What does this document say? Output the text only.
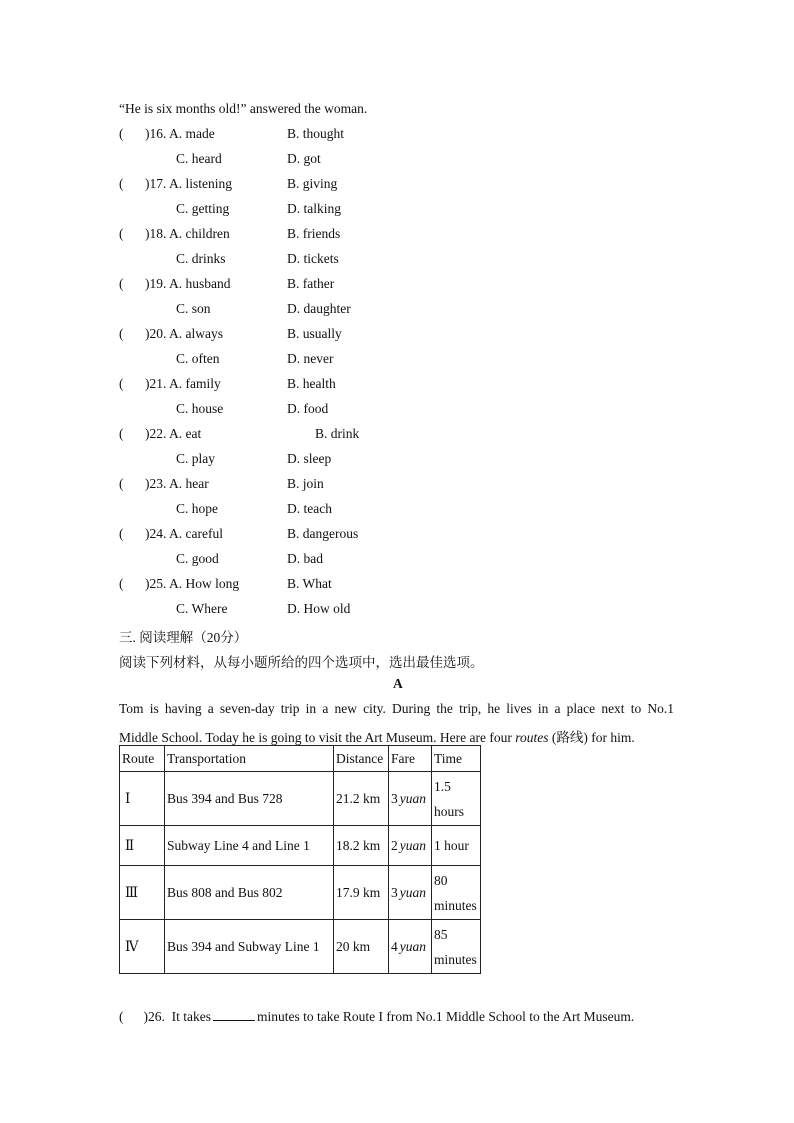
“He is six months old!” answered the woman.
( )16. A. made	B. thought
C. heard	D. got
( )17. A. listening	B. giving
C. getting	D. talking
( )18. A. children	B. friends
C. drinks	D. tickets
( )19. A. husband	B. father
C. son	D. daughter
( )20. A. always	B. usually
C. often	D. never
( )21. A. family	B. health
C. house	D. food
( )22. A. eat	B. drink
C. play	D. sleep
( )23. A. hear	B. join
C. hope	D. teach
( )24. A. careful	B. dangerous
C. good	D. bad
( )25. A. How long	B. What
C. Where	D. How old
三. 阅读理解（20分）
阅读下列材料，从每小题所给的四个选项中，选出最佳选项。
A
Tom is having a seven-day trip in a new city. During the trip, he lives in a place next to No.1
Middle School. Today he is going to visit the Art Museum. Here are four routes (路线) for him.
Route	Transportation	Distance	Fare	Time
Ⅰ	Bus 394 and Bus 728	21.2 km	3 yuan	1.5 hours
Ⅱ	Subway Line 4 and Line 1	18.2 km	2 yuan	1 hour
Ⅲ	Bus 808 and Bus 802	17.9 km	3 yuan	80 minutes
Ⅳ	Bus 394 and Subway Line 1	20 km	4 yuan	85 minutes
( )26. It takes	minutes to take Route I from No.1 Middle School to the Art Museum.
